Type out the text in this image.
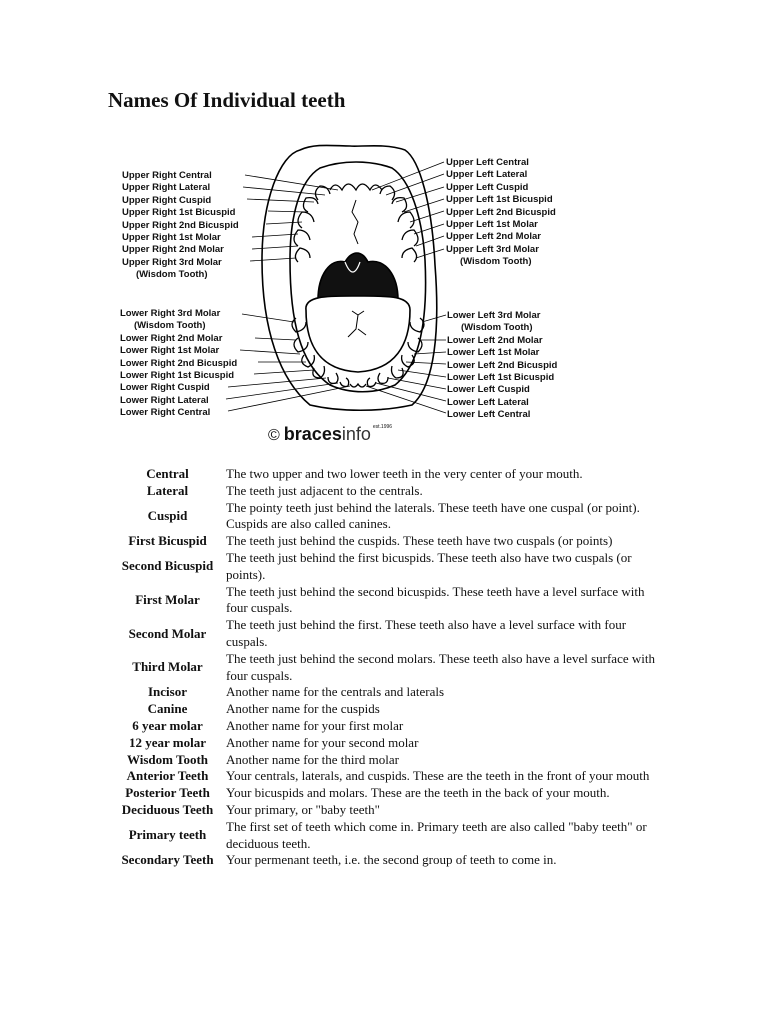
Names Of Individual teeth
Upper Right Central
Upper Right Lateral
Upper Right Cuspid
Upper Right 1st Bicuspid
Upper Right 2nd Bicuspid
Upper Right 1st Molar
Upper Right 2nd Molar
Upper Right 3rd Molar
(Wisdom Tooth)
Upper Left Central
Upper Left Lateral
Upper Left Cuspid
Upper Left 1st Bicuspid
Upper Left 2nd Bicuspid
Upper Left 1st Molar
Upper Left 2nd Molar
Upper Left 3rd Molar
(Wisdom Tooth)
Lower Right 3rd Molar
(Wisdom Tooth)
Lower Right 2nd Molar
Lower Right 1st Molar
Lower Right 2nd Bicuspid
Lower Right 1st Bicuspid
Lower Right Cuspid
Lower Right Lateral
Lower Right Central
Lower Left 3rd Molar
(Wisdom Tooth)
Lower Left 2nd Molar
Lower Left 1st Molar
Lower Left 2nd Bicuspid
Lower Left 1st Bicuspid
Lower Left Cuspid
Lower Left Lateral
Lower Left Central
© bracesinfo est.1996
Central	The two upper and two lower teeth in the very center of your mouth.
Lateral	The teeth just adjacent to the centrals.
Cuspid	The pointy teeth just behind the laterals. These teeth have one cuspal (or point). Cuspids are also called canines.
First Bicuspid	The teeth just behind the cuspids. These teeth have two cuspals (or points)
Second Bicuspid	The teeth just behind the first bicuspids. These teeth also have two cuspals (or points).
First Molar	The teeth just behind the second bicuspids. These teeth have a level surface with four cuspals.
Second Molar	The teeth just behind the first. These teeth also have a level surface with four cuspals.
Third Molar	The teeth just behind the second molars. These teeth also have a level surface with four cuspals.
Incisor	Another name for the centrals and laterals
Canine	Another name for the cuspids
6 year molar	Another name for your first molar
12 year molar	Another name for your second molar
Wisdom Tooth	Another name for the third molar
Anterior Teeth	Your centrals, laterals, and cuspids. These are the teeth in the front of your mouth
Posterior Teeth	Your bicuspids and molars. These are the teeth in the back of your mouth.
Deciduous Teeth	Your primary, or "baby teeth"
Primary teeth	The first set of teeth which come in. Primary teeth are also called "baby teeth" or deciduous teeth.
Secondary Teeth	Your permenant teeth, i.e. the second group of teeth to come in.
